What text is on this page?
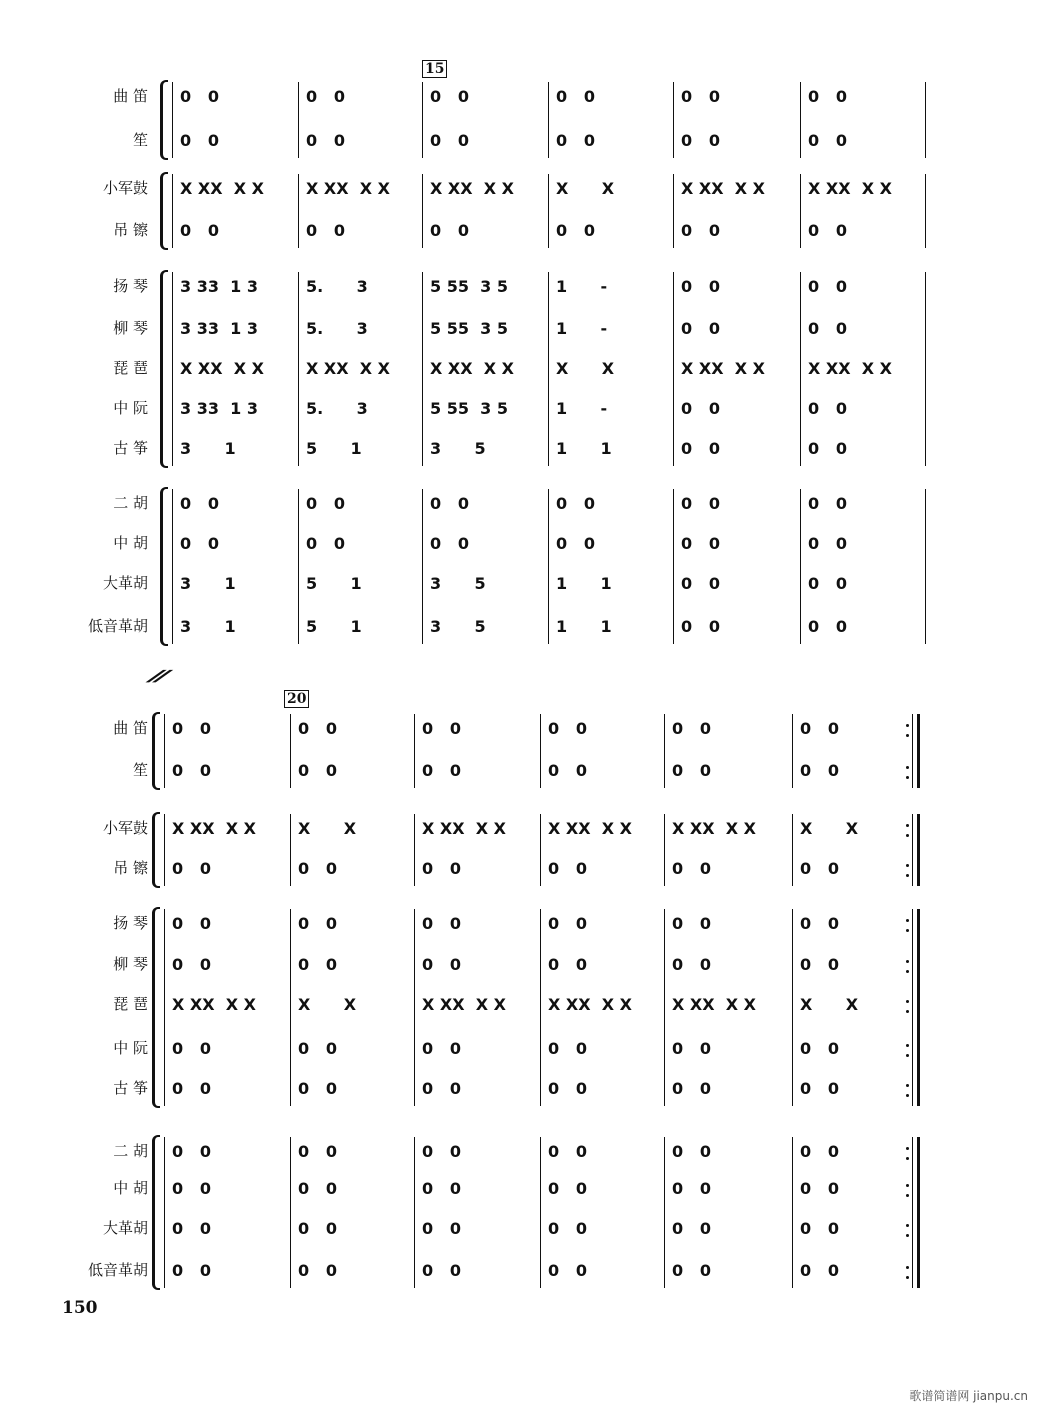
曲 笛 0   0	0   0	0   0	0   0	0   0	0   0
笙 0   0	0   0	0   0	0   0	0   0	0   0
小军鼓 X XX  X X	X XX  X X	X XX  X X	X      X	X XX  X X	X XX  X X
吊 镲 0   0	0   0	0   0	0   0	0   0	0   0
扬 琴 3 33  1 3	5.      3	5 55  3 5	1      -	0   0	0   0
柳 琴 3 33  1 3	5.      3	5 55  3 5	1      -	0   0	0   0
琵 琶 X XX  X X	X XX  X X	X XX  X X	X      X	X XX  X X	X XX  X X
中 阮 3 33  1 3	5.      3	5 55  3 5	1      -	0   0	0   0
古 筝 3      1	5      1	3      5	1      1	0   0	0   0
二 胡 0   0	0   0	0   0	0   0	0   0	0   0
中 胡 0   0	0   0	0   0	0   0	0   0	0   0
大革胡 3      1	5      1	3      5	1      1	0   0	0   0
低音革胡 3      1	5      1	3      5	1      1	0   0	0   0
曲 笛 0   0	0   0	0   0	0   0	0   0	0   0
笙 0   0	0   0	0   0	0   0	0   0	0   0
小军鼓 X XX  X X	X      X	X XX  X X	X XX  X X	X XX  X X	X      X
吊 镲 0   0	0   0	0   0	0   0	0   0	0   0
扬 琴 0   0	0   0	0   0	0   0	0   0	0   0
柳 琴 0   0	0   0	0   0	0   0	0   0	0   0
琵 琶 X XX  X X	X      X	X XX  X X	X XX  X X	X XX  X X	X      X
中 阮 0   0	0   0	0   0	0   0	0   0	0   0
古 筝 0   0	0   0	0   0	0   0	0   0	0   0
二 胡 0   0	0   0	0   0	0   0	0   0	0   0
中 胡 0   0	0   0	0   0	0   0	0   0	0   0
大革胡 0   0	0   0	0   0	0   0	0   0	0   0
低音革胡 0   0	0   0	0   0	0   0	0   0	0   0
15
20
//
150
歌谱简谱网 jianpu.cn
